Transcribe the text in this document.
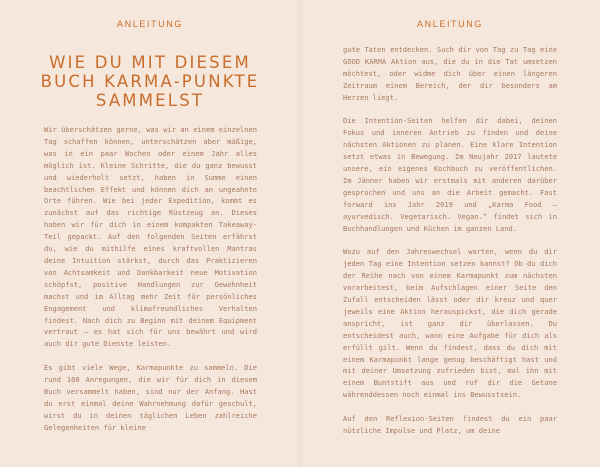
ANLEITUNG
WIE DU MIT DIESEM BUCH KARMA-PUNKTE SAMMELST

Wir überschätzen gerne, was wir an einem einzelnen Tag schaffen können, unterschätzen aber mäßige, was in ein paar Wochen oder einem Jahr alles möglich ist. Kleine Schritte, die du ganz bewusst und wiederholt setzt, haben in Summe einen beachtlichen Effekt und können dich an ungeahnte Orte führen. Wie bei jeder Expedition, kommt es zunächst auf das richtige Rüstzeug an. Dieses haben wir für dich in einem kompakten Takeaway-Teil gepackt. Auf den folgenden Seiten erfährst du, wie du mithilfe eines kraftvollen Mantras deine Intuition stärkst, durch das Praktizieren von Achtsamkeit und Dankbarkeit neue Motivation schöpfst, positive Handlungen zur Gewohnheit machst und im Alltag mehr Zeit für persönliches Engagement und klimafreundliches Verhalten findest. Nach dich zu Beginn mit deinem Equipment vertraut – es hat sich für uns bewährt und wird auch dir gute Dienste leisten.

Es gibt viele Wege, Karmapunkte zu sammeln. Die rund 100 Anregungen, die wir für dich in diesem Buch versammelt haben, sind nur der Anfang. Hast du erst einmal deine Wahrnehmung dafür geschult, wirst du in deinen täglichen Leben zahlreiche Gelegenheiten für kleine

ANLEITUNG

gute Taten entdecken. Such dir von Tag zu Tag eine GOOD KARMA Aktion aus, die du in die Tat umsetzen möchtest, oder widme dich über einen längeren Zeitraum einem Bereich, der dir besonders am Herzen liegt.

Die Intention-Seiten helfen dir dabei, deinen Fokus und inneren Antrieb zu finden und deine nächsten Aktionen zu planen. Eine klare Intention setzt etwas in Bewegung. Im Neujahr 2017 lautete unsere, ein eigenes Kochbuch zu veröffentlichen. Im Jänner haben wir erstmals mit anderen darüber gesprochen und uns an die Arbeit gemacht. Fast forward ins Jahr 2019 und „Karma Food – ayurvedisch. Vegetarisch. Vegan.“ findet sich in Buchhandlungen und Küchen im ganzen Land.

Wozu auf den Jahreswechsel warten, wenn du dir jeden Tag eine Intention setzen kannst? Ob du dich der Reihe nach von einem Karmapunkt zum nächsten vorarbeitest, beim Aufschlagen einer Seite den Zufall entscheiden lässt oder dir kreuz und quer jeweils eine Aktion herauspickst, die dich gerade anspricht, ist ganz dir überlassen. Du entscheidest auch, wann eine Aufgabe für dich als erfüllt gilt. Wenn du findest, dass du dich mit einem Karmapunkt lange genug beschäftigt hast und mit deiner Umsetzung zufrieden bist, mal ihn mit einem Buntstift aus und ruf dir die Getane währenddessen noch einmal ins Bewusstsein.

Auf den Reflexion-Seiten findest du ein paar nützliche Impulse und Platz, um deine
